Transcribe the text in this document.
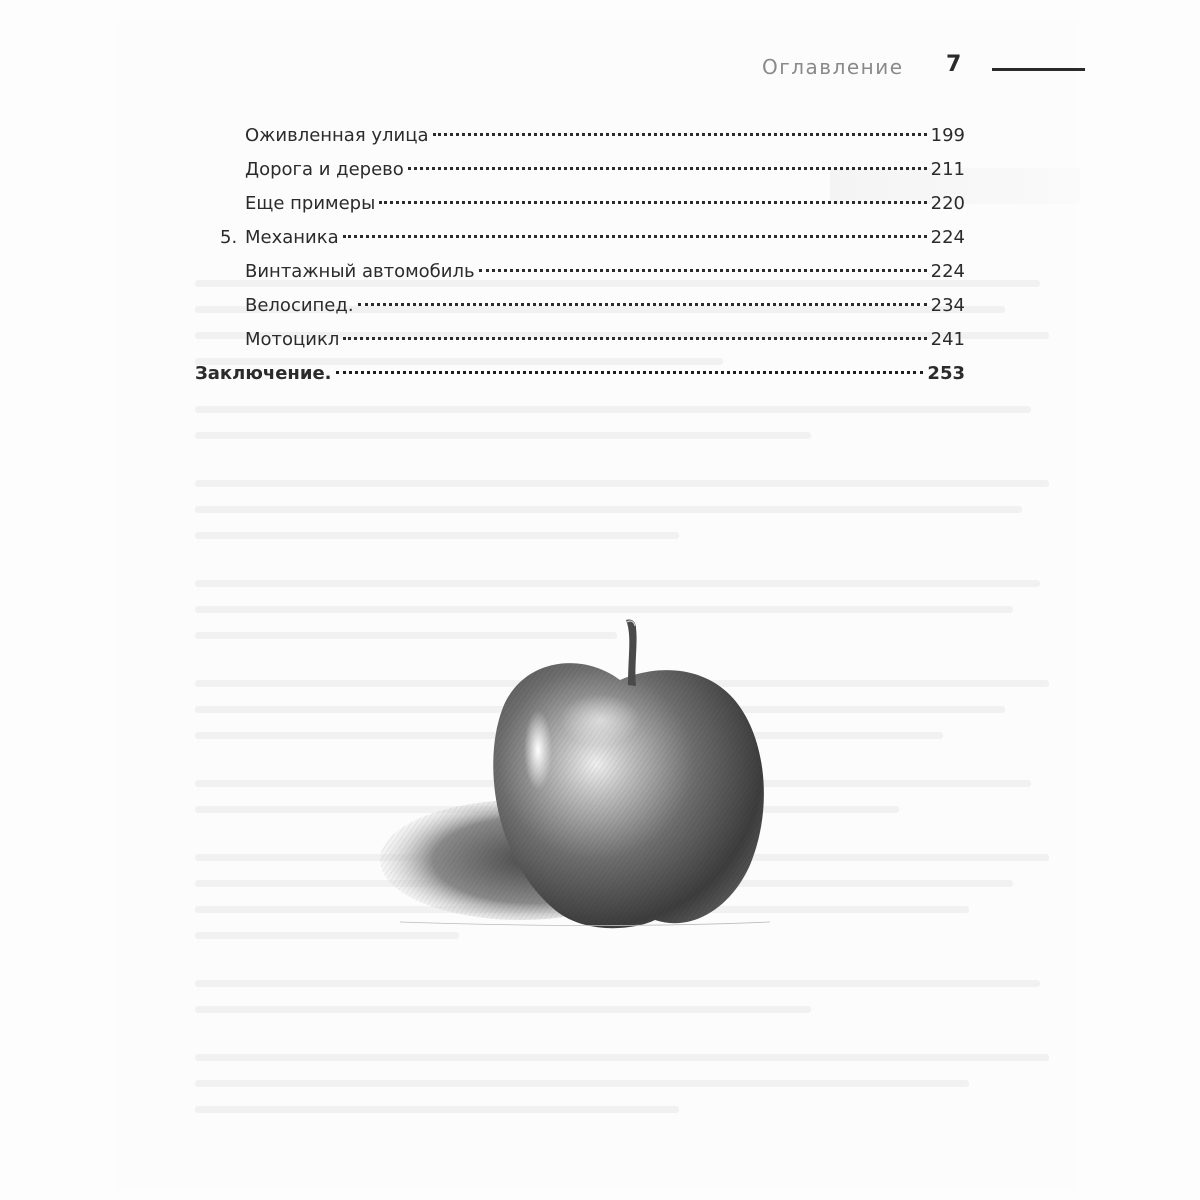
Оглавление 7
Оживленная улица	199
Дорога и дерево	211
Еще примеры	220
5. Механика	224
Винтажный автомобиль	224
Велосипед.	234
Мотоцикл	241
Заключение.	253
